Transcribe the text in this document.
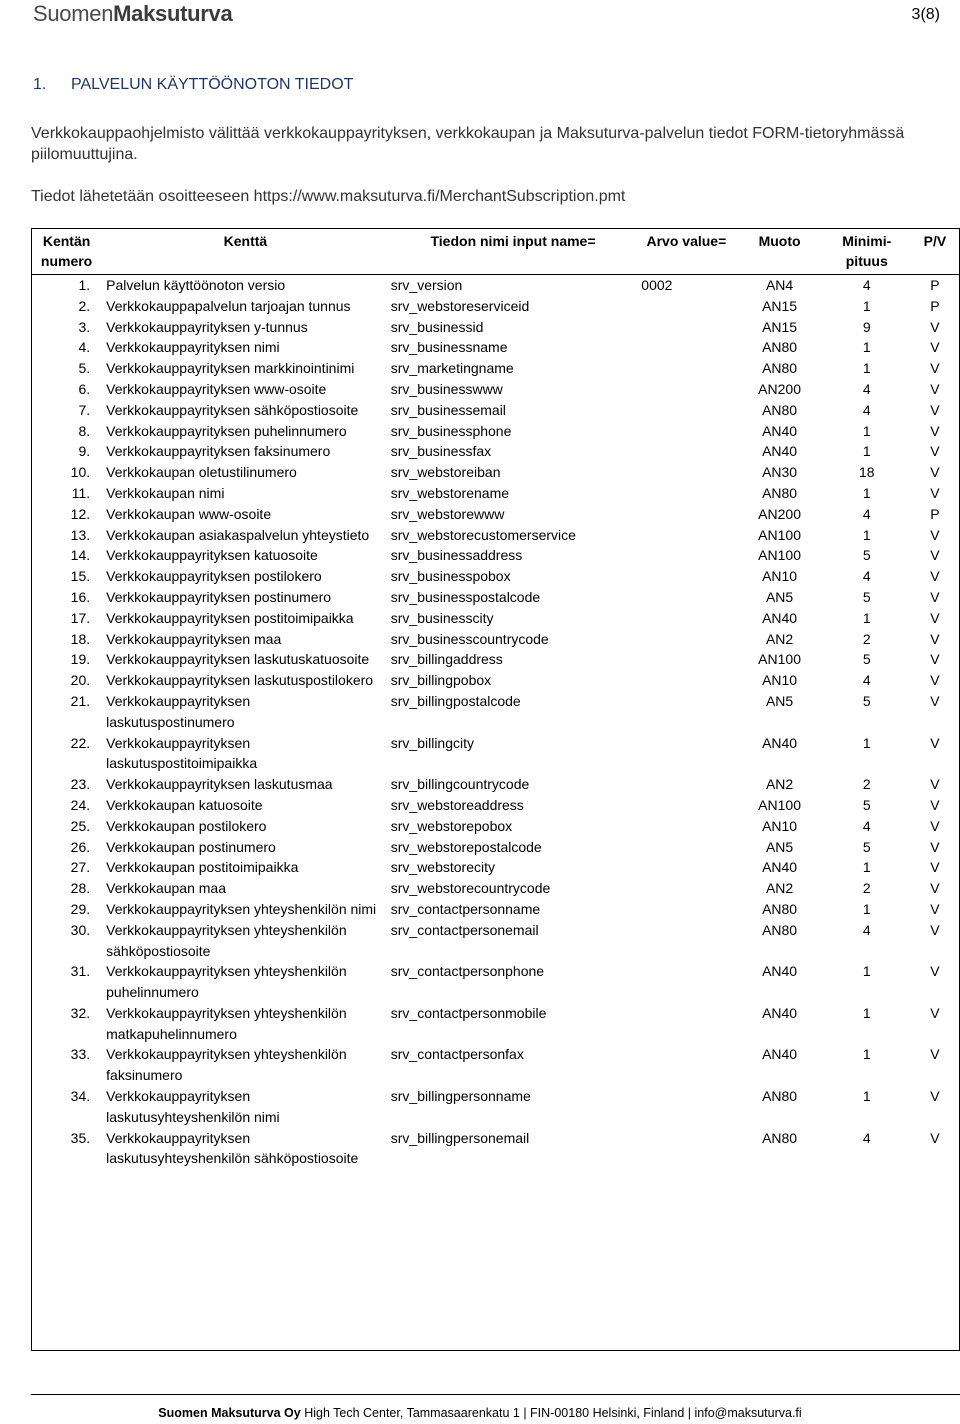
Suomen Maksuturva	3(8)
1. PALVELUN KÄYTTÖÖNOTON TIEDOT
Verkkokauppaohjelmisto välittää verkkokauppayrityksen, verkkokaupan ja Maksuturva-palvelun tiedot FORM-tietoryhmässä piilomuuttujina.
Tiedot lähetetään osoitteeseen https://www.maksuturva.fi/MerchantSubscription.pmt
Kentän numero	Kenttä	Tiedon nimi input name=	Arvo value=	Muoto	Minimi-pituus	P/V
1.	Palvelun käyttöönoton versio	srv_version	0002	AN4	4	P
2.	Verkkokauppapalvelun tarjoajan tunnus	srv_webstoreserviceid		AN15	1	P
3.	Verkkokauppayrityksen y-tunnus	srv_businessid		AN15	9	V
4.	Verkkokauppayrityksen nimi	srv_businessname		AN80	1	V
5.	Verkkokauppayrityksen markkinointinimi	srv_marketingname		AN80	1	V
6.	Verkkokauppayrityksen www-osoite	srv_businesswww		AN200	4	V
7.	Verkkokauppayrityksen sähköpostiosoite	srv_businessemail		AN80	4	V
8.	Verkkokauppayrityksen puhelinnumero	srv_businessphone		AN40	1	V
9.	Verkkokauppayrityksen faksinumero	srv_businessfax		AN40	1	V
10.	Verkkokaupan oletustilinumero	srv_webstoreiban		AN30	18	V
11.	Verkkokaupan nimi	srv_webstorename		AN80	1	V
12.	Verkkokaupan www-osoite	srv_webstorewww		AN200	4	P
13.	Verkkokaupan asiakaspalvelun yhteystieto	srv_webstorecustomerservice		AN100	1	V
14.	Verkkokauppayrityksen katuosoite	srv_businessaddress		AN100	5	V
15.	Verkkokauppayrityksen postilokero	srv_businesspobox		AN10	4	V
16.	Verkkokauppayrityksen postinumero	srv_businesspostalcode		AN5	5	V
17.	Verkkokauppayrityksen postitoimipaikka	srv_businesscity		AN40	1	V
18.	Verkkokauppayrityksen maa	srv_businesscountrycode		AN2	2	V
19.	Verkkokauppayrityksen laskutuskatuosoite	srv_billingaddress		AN100	5	V
20.	Verkkokauppayrityksen laskutuspostilokero	srv_billingpobox		AN10	4	V
21.	Verkkokauppayrityksen laskutuspostinumero	srv_billingpostalcode		AN5	5	V
22.	Verkkokauppayrityksen laskutuspostitoimipaikka	srv_billingcity		AN40	1	V
23.	Verkkokauppayrityksen laskutusmaa	srv_billingcountrycode		AN2	2	V
24.	Verkkokaupan katuosoite	srv_webstoreaddress		AN100	5	V
25.	Verkkokaupan postilokero	srv_webstorepobox		AN10	4	V
26.	Verkkokaupan postinumero	srv_webstorepostalcode		AN5	5	V
27.	Verkkokaupan postitoimipaikka	srv_webstorecity		AN40	1	V
28.	Verkkokaupan maa	srv_webstorecountrycode		AN2	2	V
29.	Verkkokauppayrityksen yhteyshenkilön nimi	srv_contactpersonname		AN80	1	V
30.	Verkkokauppayrityksen yhteyshenkilön sähköpostiosoite	srv_contactpersonemail		AN80	4	V
31.	Verkkokauppayrityksen yhteyshenkilön puhelinnumero	srv_contactpersonphone		AN40	1	V
32.	Verkkokauppayrityksen yhteyshenkilön matkapuhelinnumero	srv_contactpersonmobile		AN40	1	V
33.	Verkkokauppayrityksen yhteyshenkilön faksinumero	srv_contactpersonfax		AN40	1	V
34.	Verkkokauppayrityksen laskutusyhteyshenkilön nimi	srv_billingpersonname		AN80	1	V
35.	Verkkokauppayrityksen laskutusyhteyshenkilön sähköpostiosoite	srv_billingpersonemail		AN80	4	V
Suomen Maksuturva Oy High Tech Center, Tammasaarenkatu 1 | FIN-00180 Helsinki, Finland | info@maksuturva.fi
